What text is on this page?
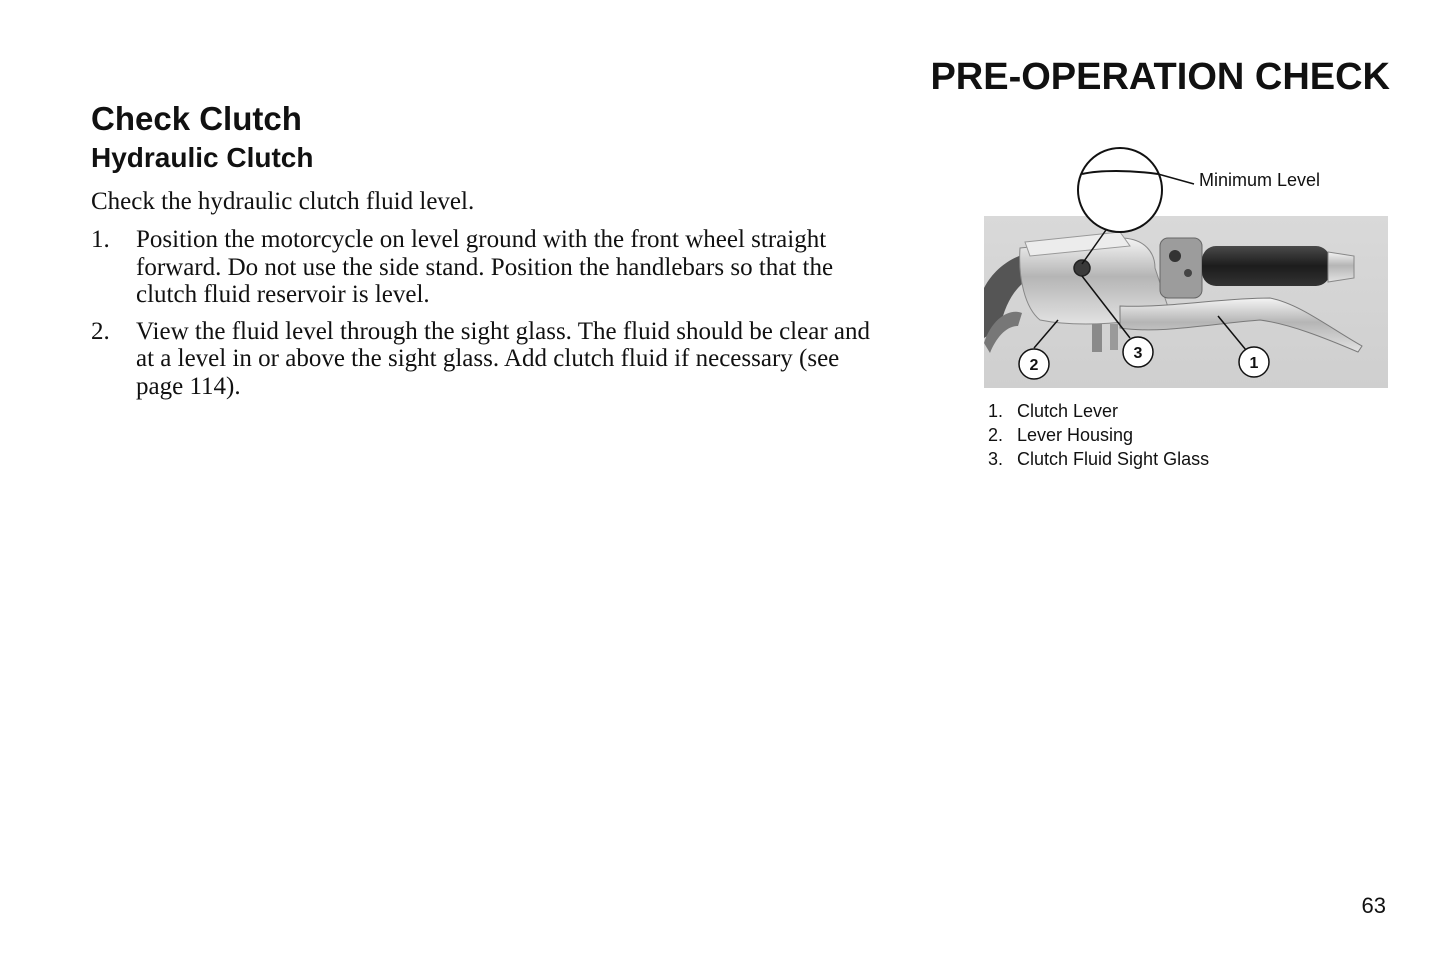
PRE-OPERATION CHECK
Check Clutch
Hydraulic Clutch

Check the hydraulic clutch fluid level.

1.	Position the motorcycle on level ground with the front wheel straight forward. Do not use the side stand. Position the handlebars so that the clutch fluid reservoir is level.
2.	View the fluid level through the sight glass. The fluid should be clear and at a level in or above the sight glass. Add clutch fluid if necessary (see page 114).
2
3
1
Minimum Level
1. Clutch Lever
2. Lever Housing
3. Clutch Fluid Sight Glass
63
